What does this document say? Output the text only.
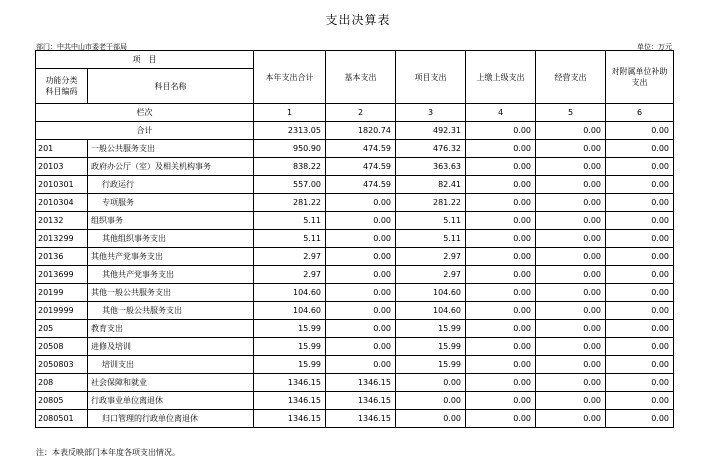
支出决算表
部门：中共中山市委老干部局	单位：万元
项　目		本年支出合计	基本支出	项目支出	上缴上级支出	经营支出	对附属单位补助支出
功能分类
科目编码	科目名称						
栏次		1	2	3	4	5	6
合计		2313.05	1820.74	492.31	0.00	0.00	0.00
201	一般公共服务支出	950.90	474.59	476.32	0.00	0.00	0.00
20103	政府办公厅（室）及相关机构事务	838.22	474.59	363.63	0.00	0.00	0.00
2010301	行政运行	557.00	474.59	82.41	0.00	0.00	0.00
2010304	专项服务	281.22	0.00	281.22	0.00	0.00	0.00
20132	组织事务	5.11	0.00	5.11	0.00	0.00	0.00
2013299	其他组织事务支出	5.11	0.00	5.11	0.00	0.00	0.00
20136	其他共产党事务支出	2.97	0.00	2.97	0.00	0.00	0.00
2013699	其他共产党事务支出	2.97	0.00	2.97	0.00	0.00	0.00
20199	其他一般公共服务支出	104.60	0.00	104.60	0.00	0.00	0.00
2019999	其他一般公共服务支出	104.60	0.00	104.60	0.00	0.00	0.00
205	教育支出	15.99	0.00	15.99	0.00	0.00	0.00
20508	进修及培训	15.99	0.00	15.99	0.00	0.00	0.00
2050803	培训支出	15.99	0.00	15.99	0.00	0.00	0.00
208	社会保障和就业	1346.15	1346.15	0.00	0.00	0.00	0.00
20805	行政事业单位离退休	1346.15	1346.15	0.00	0.00	0.00	0.00
2080501	归口管理的行政单位离退休	1346.15	1346.15	0.00	0.00	0.00	0.00
注：本表反映部门本年度各项支出情况。
